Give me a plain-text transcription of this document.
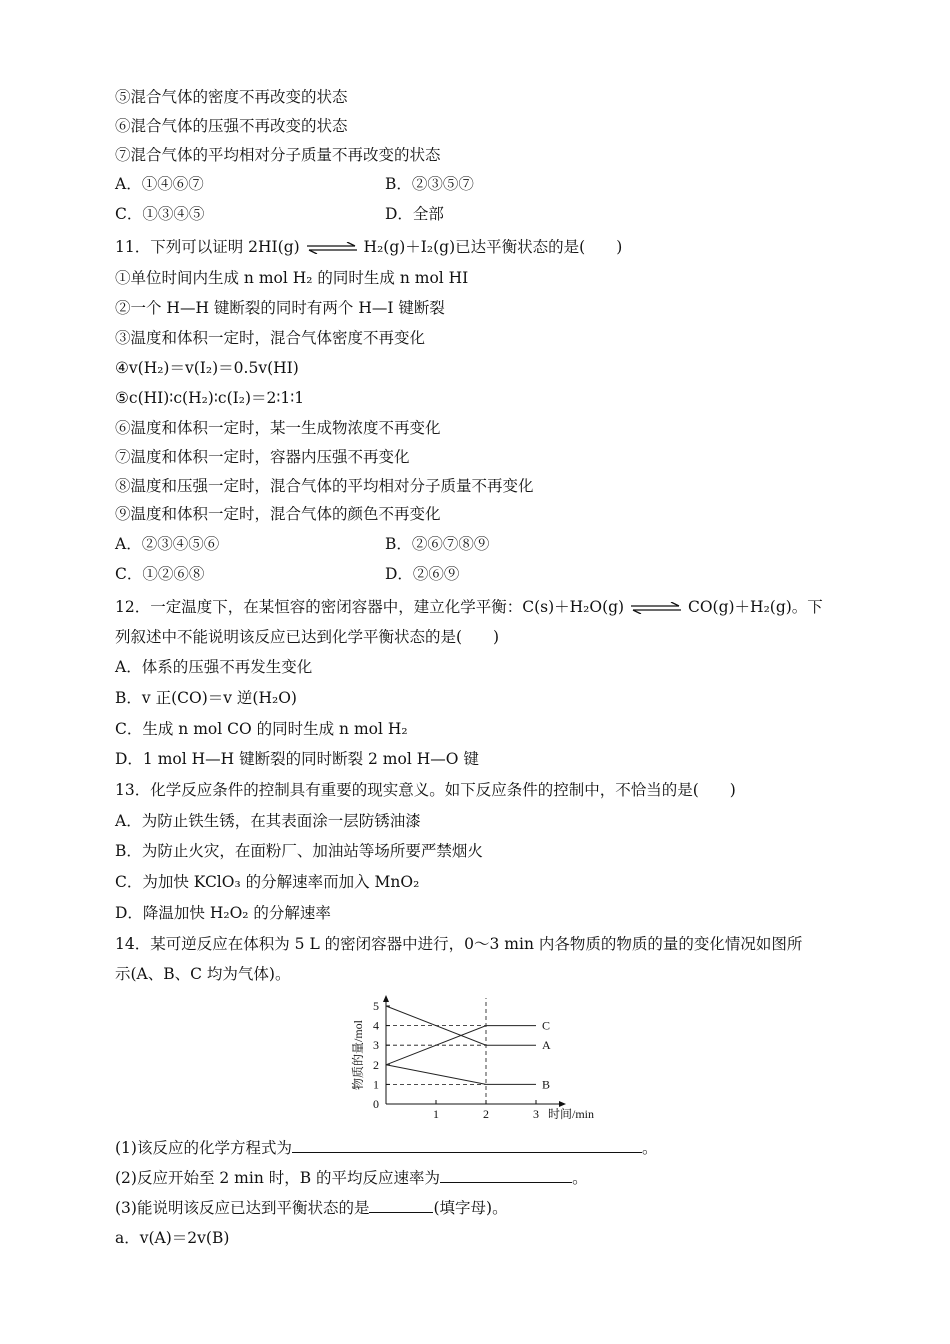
⑤混合气体的密度不再改变的状态
⑥混合气体的压强不再改变的状态
⑦混合气体的平均相对分子质量不再改变的状态
A．①④⑥⑦	B．②③⑤⑦
C．①③④⑤	D．全部
11．下列可以证明 2HI(g) ⇌ H₂(g)＋I₂(g)已达平衡状态的是(　　)
①单位时间内生成 n mol H₂ 的同时生成 n mol HI
②一个 H—H 键断裂的同时有两个 H—I 键断裂
③温度和体积一定时，混合气体密度不再变化
④v(H₂)＝v(I₂)＝0.5v(HI)
⑤c(HI)∶c(H₂)∶c(I₂)＝2∶1∶1
⑥温度和体积一定时，某一生成物浓度不再变化
⑦温度和体积一定时，容器内压强不再变化
⑧温度和压强一定时，混合气体的平均相对分子质量不再变化
⑨温度和体积一定时，混合气体的颜色不再变化
A．②③④⑤⑥	B．②⑥⑦⑧⑨
C．①②⑥⑧	D．②⑥⑨
12．一定温度下，在某恒容的密闭容器中，建立化学平衡：C(s)＋H₂O(g) ⇌ CO(g)＋H₂(g)。下
列叙述中不能说明该反应已达到化学平衡状态的是(　　)
A．体系的压强不再发生变化
B．v 正(CO)＝v 逆(H₂O)
C．生成 n mol CO 的同时生成 n mol H₂
D．1 mol H—H 键断裂的同时断裂 2 mol H—O 键
13．化学反应条件的控制具有重要的现实意义。如下反应条件的控制中，不恰当的是(　　)
A．为防止铁生锈，在其表面涂一层防锈油漆
B．为防止火灾，在面粉厂、加油站等场所要严禁烟火
C．为加快 KClO₃ 的分解速率而加入 MnO₂
D．降温加快 H₂O₂ 的分解速率
14．某可逆反应在体积为 5 L 的密闭容器中进行，0～3 min 内各物质的物质的量的变化情况如图所
示(A、B、C 均为气体)。
0
1
2
3
4
5
1	2	3 时间/min
物质的量/mol	A
B
C
(1)该反应的化学方程式为	。
(2)反应开始至 2 min 时，B 的平均反应速率为	。
(3)能说明该反应已达到平衡状态的是	(填字母)。
a．v(A)＝2v(B)
